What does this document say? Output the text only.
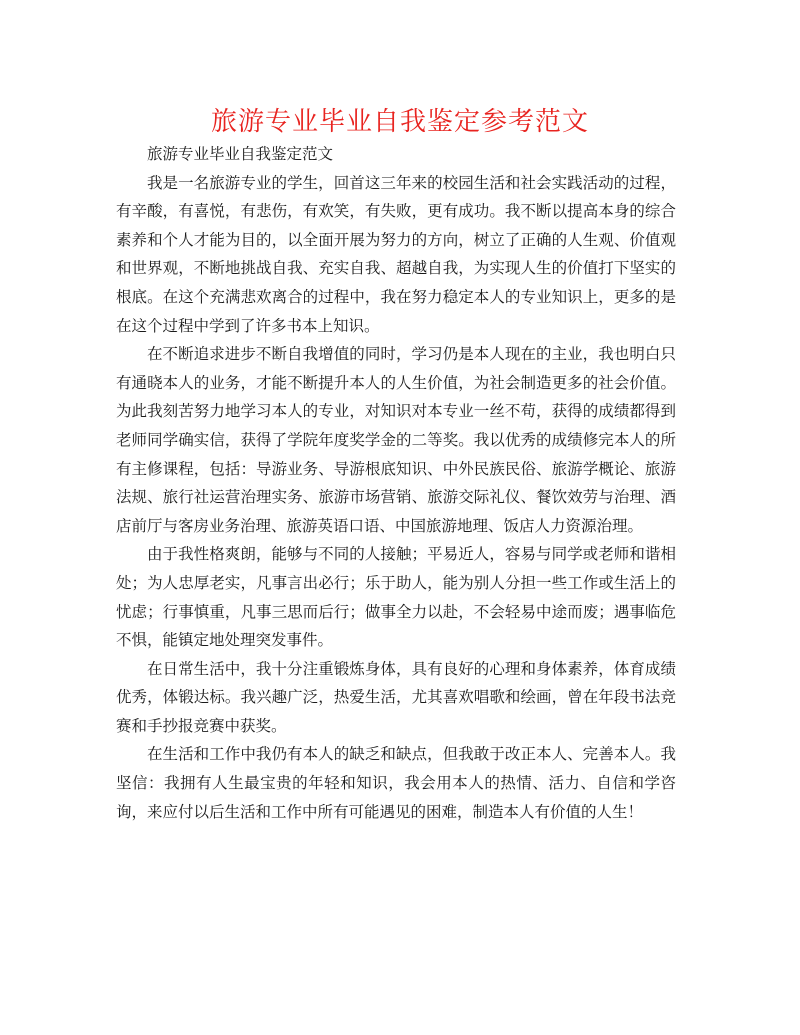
旅游专业毕业自我鉴定参考范文

旅游专业毕业自我鉴定范文

我是一名旅游专业的学生，回首这三年来的校园生活和社会实践活动的过程，有辛酸，有喜悦，有悲伤，有欢笑，有失败，更有成功。我不断以提高本身的综合素养和个人才能为目的，以全面开展为努力的方向，树立了正确的人生观、价值观和世界观，不断地挑战自我、充实自我、超越自我，为实现人生的价值打下坚实的根底。在这个充满悲欢离合的过程中，我在努力稳定本人的专业知识上，更多的是在这个过程中学到了许多书本上知识。

在不断追求进步不断自我增值的同时，学习仍是本人现在的主业，我也明白只有通晓本人的业务，才能不断提升本人的人生价值，为社会制造更多的社会价值。为此我刻苦努力地学习本人的专业，对知识对本专业一丝不苟，获得的成绩都得到老师同学确实信，获得了学院年度奖学金的二等奖。我以优秀的成绩修完本人的所有主修课程，包括：导游业务、导游根底知识、中外民族民俗、旅游学概论、旅游法规、旅行社运营治理实务、旅游市场营销、旅游交际礼仪、餐饮效劳与治理、酒店前厅与客房业务治理、旅游英语口语、中国旅游地理、饭店人力资源治理。

由于我性格爽朗，能够与不同的人接触；平易近人，容易与同学或老师和谐相处；为人忠厚老实，凡事言出必行；乐于助人，能为别人分担一些工作或生活上的忧虑；行事慎重，凡事三思而后行；做事全力以赴，不会轻易中途而废；遇事临危不惧，能镇定地处理突发事件。

在日常生活中，我十分注重锻炼身体，具有良好的心理和身体素养，体育成绩优秀，体锻达标。我兴趣广泛，热爱生活，尤其喜欢唱歌和绘画，曾在年段书法竞赛和手抄报竞赛中获奖。

在生活和工作中我仍有本人的缺乏和缺点，但我敢于改正本人、完善本人。我坚信：我拥有人生最宝贵的年轻和知识，我会用本人的热情、活力、自信和学咨询，来应付以后生活和工作中所有可能遇见的困难，制造本人有价值的人生！
